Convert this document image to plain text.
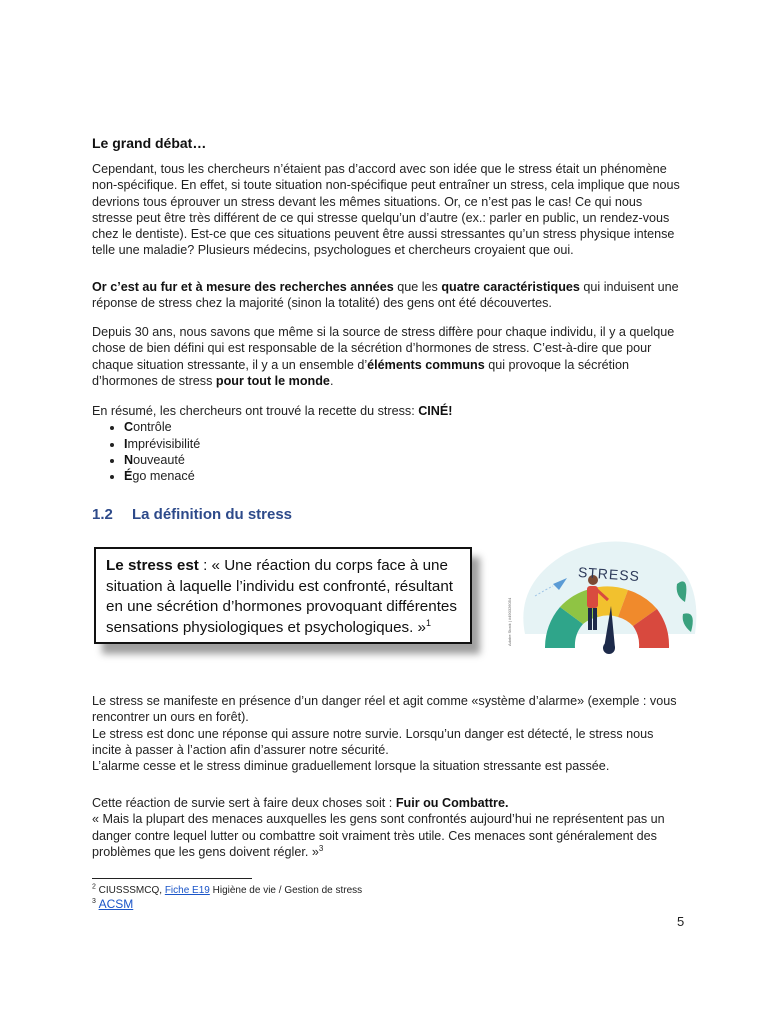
Le grand débat…

Cependant, tous les chercheurs n’étaient pas d’accord avec son idée que le stress était un phénomène non-spécifique. En effet, si toute situation non-spécifique peut entraîner un stress, cela implique que nous devrions tous éprouver un stress devant les mêmes situations. Or, ce n’est pas le cas! Ce qui nous stresse peut être très différent de ce qui stresse quelqu’un d’autre (ex.: parler en public, un rendez-vous chez le dentiste). Est-ce que ces situations peuvent être aussi stressantes qu’un stress physique intense telle une maladie? Plusieurs médecins, psychologues et chercheurs croyaient que oui.

Or c’est au fur et à mesure des recherches années que les quatre caractéristiques qui induisent une réponse de stress chez la majorité (sinon la totalité) des gens ont été découvertes.

Depuis 30 ans, nous savons que même si la source de stress diffère pour chaque individu, il y a quelque chose de bien défini qui est responsable de la sécrétion d’hormones de stress. C’est-à-dire que pour chaque situation stressante, il y a un ensemble d’éléments communs qui provoque la sécrétion d’hormones de stress pour tout le monde.

En résumé, les chercheurs ont trouvé la recette du stress: CINÉ!

• Contrôle
• Imprévisibilité
• Nouveauté
• Égo menacé
1.2 La définition du stress
Le stress est : « Une réaction du corps face à une situation à laquelle l’individu est confronté, résultant en une sécrétion d’hormones provoquant différentes sensations physiologiques et psychologiques. »$^1$
STRESS
Adobe Stock | #490326054

Le stress se manifeste en présence d’un danger réel et agit comme «système d’alarme» (exemple : vous rencontrer un ours en forêt).

Le stress est donc une réponse qui assure notre survie. Lorsqu’un danger est détecté, le stress nous incite à passer à l’action afin d’assurer notre sécurité.

L’alarme cesse et le stress diminue graduellement lorsque la situation stressante est passée.

Cette réaction de survie sert à faire deux choses soit : Fuir ou Combattre.

« Mais la plupart des menaces auxquelles les gens sont confrontés aujourd’hui ne représentent pas un danger contre lequel lutter ou combattre soit vraiment très utile. Ces menaces sont généralement des problèmes que les gens doivent régler. »$^3$

$^2$ CIUSSSMCQ, Fiche E19 Higiène de vie / Gestion de stress
$^3$ ACSM
5
